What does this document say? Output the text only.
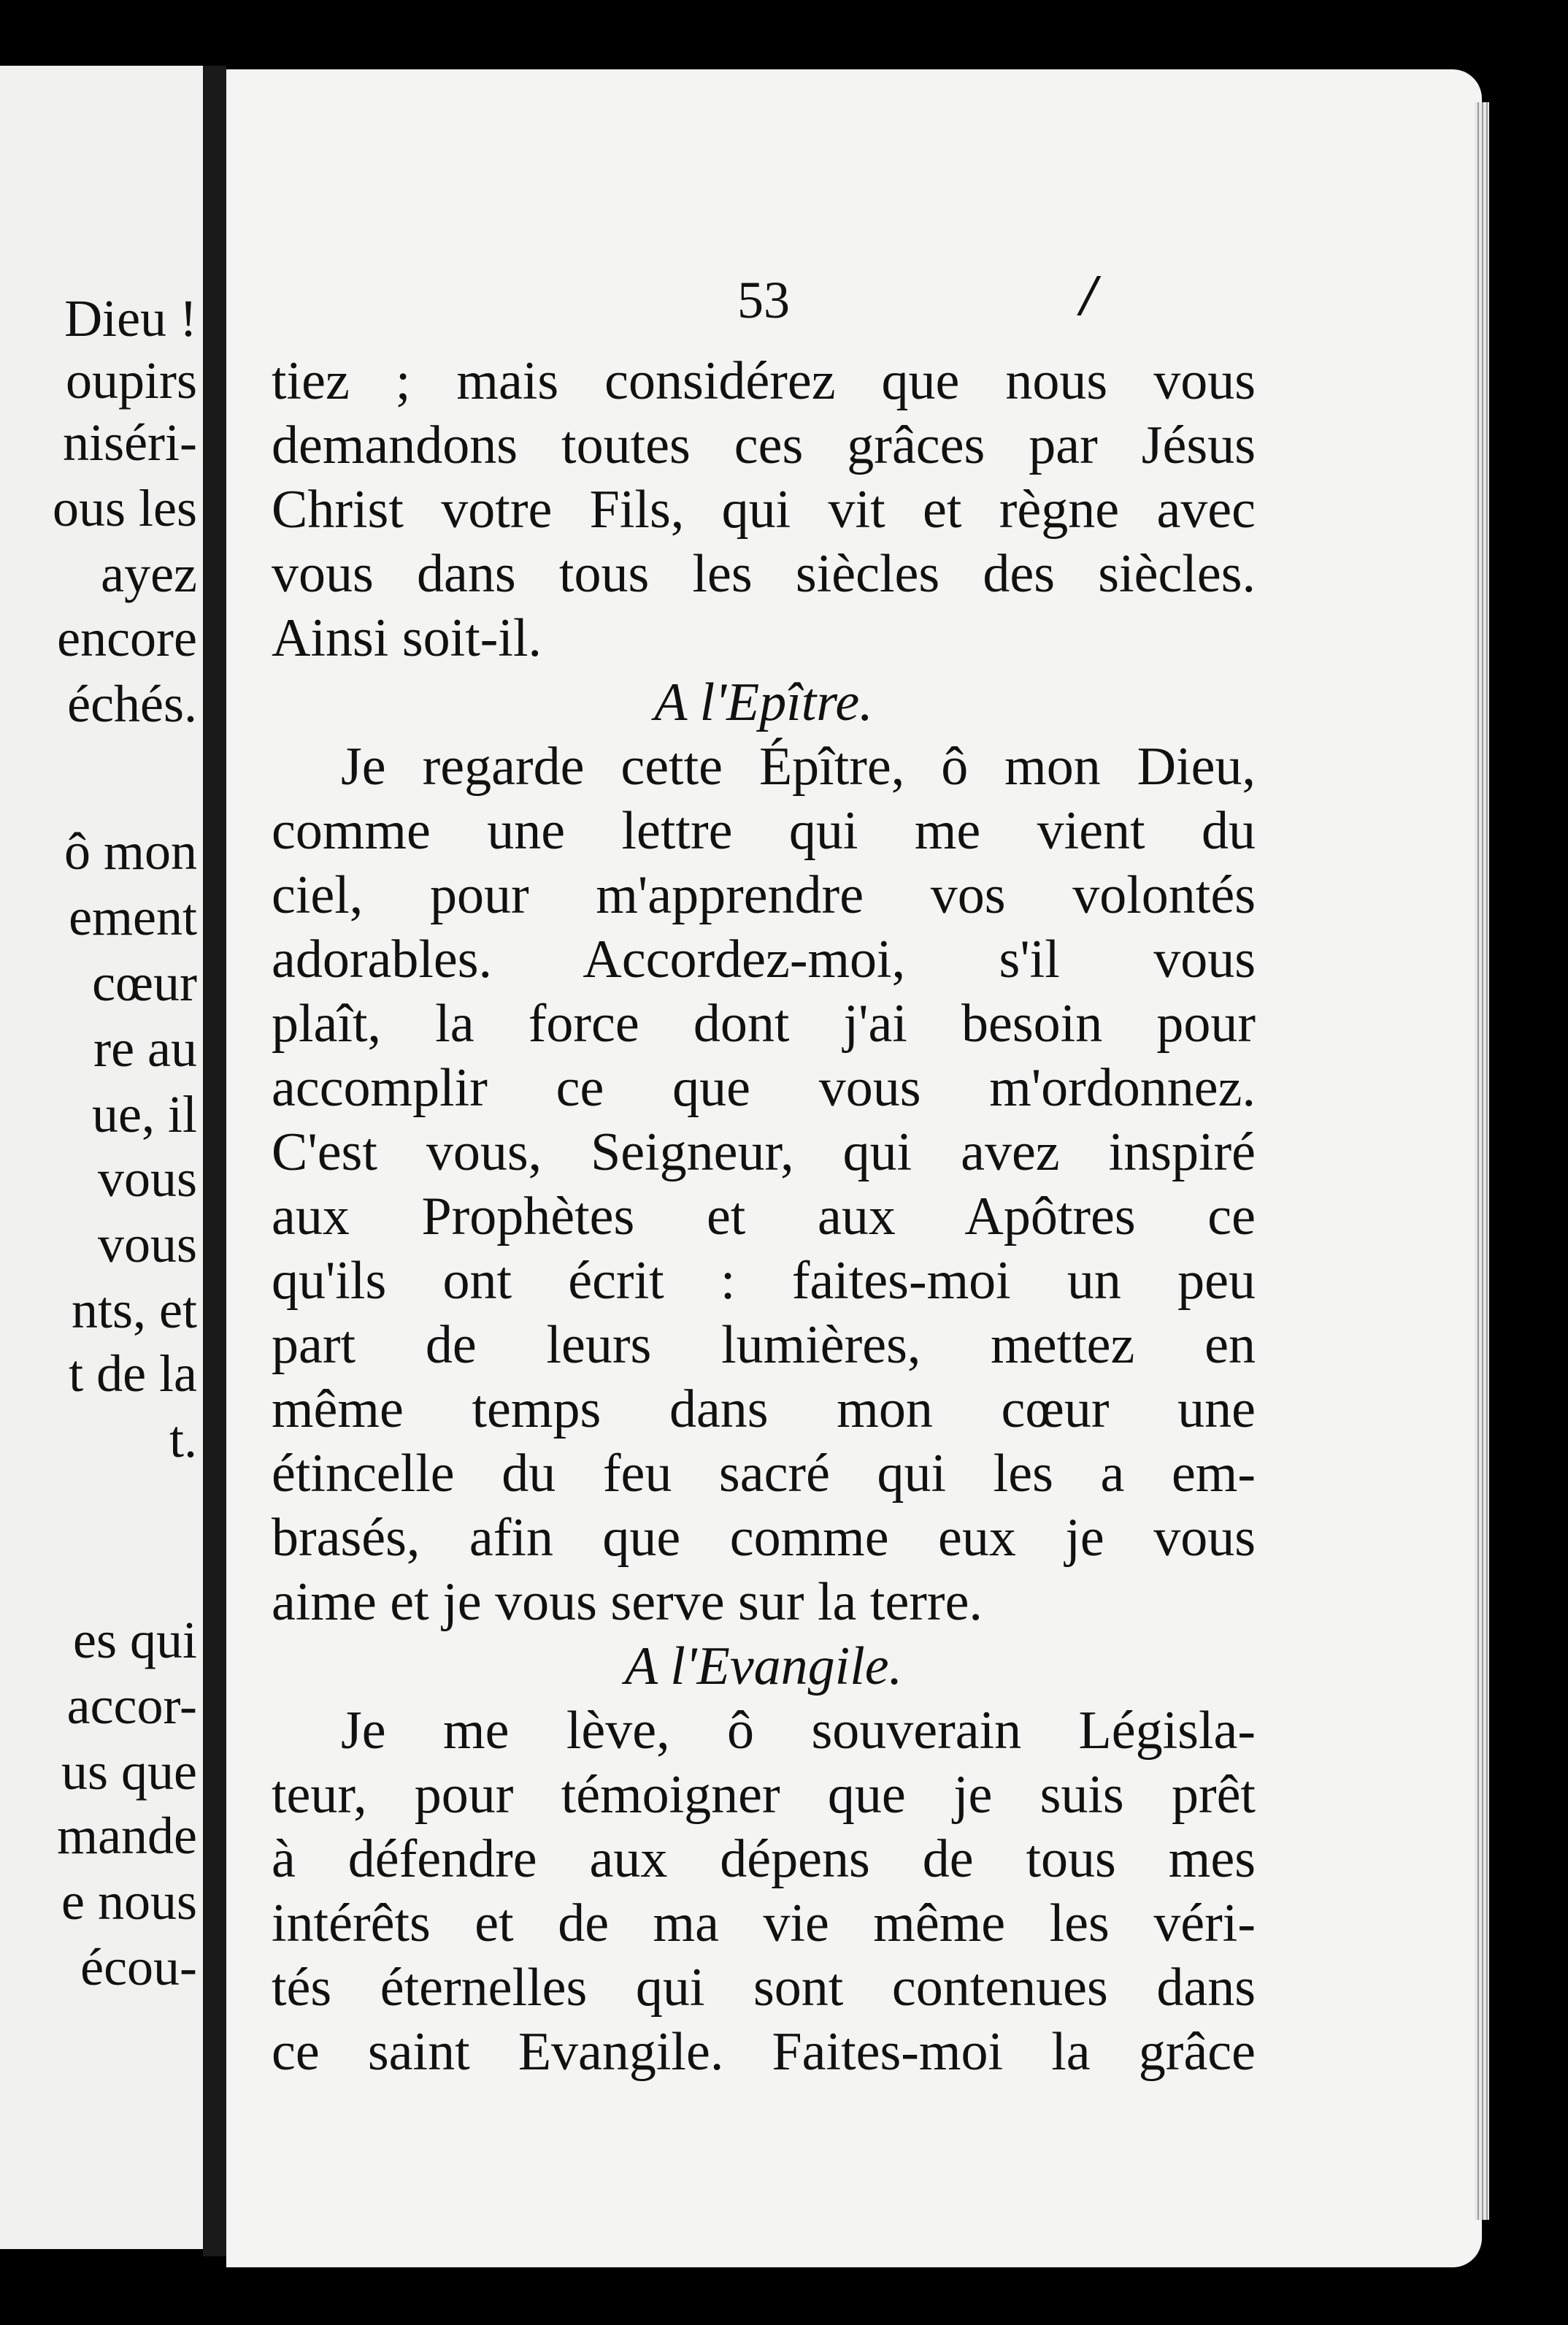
Dieu !
oupirs
niséri-
ous les
ayez
encore
échés.
ô mon
ement
cœur
re au
ue, il
vous
vous
nts, et
t de la
t.
es qui
accor-
us que
mande
e nous
écou-
53	/
tiez ; mais considérez que nous vous
demandons toutes ces grâces par Jésus
Christ votre Fils, qui vit et règne avec
vous dans tous les siècles des siècles.
Ainsi soit-il.
A l'Epître.
Je regarde cette Épître, ô mon Dieu,
comme une lettre qui me vient du
ciel, pour m'apprendre vos volontés
adorables. Accordez-moi, s'il vous
plaît, la force dont j'ai besoin pour
accomplir ce que vous m'ordonnez.
C'est vous, Seigneur, qui avez inspiré
aux Prophètes et aux Apôtres ce
qu'ils ont écrit : faites-moi un peu
part de leurs lumières, mettez en
même temps dans mon cœur une
étincelle du feu sacré qui les a em-
brasés, afin que comme eux je vous
aime et je vous serve sur la terre.
A l'Evangile.
Je me lève, ô souverain Législa-
teur, pour témoigner que je suis prêt
à défendre aux dépens de tous mes
intérêts et de ma vie même les véri-
tés éternelles qui sont contenues dans
ce saint Evangile. Faites-moi la grâce
